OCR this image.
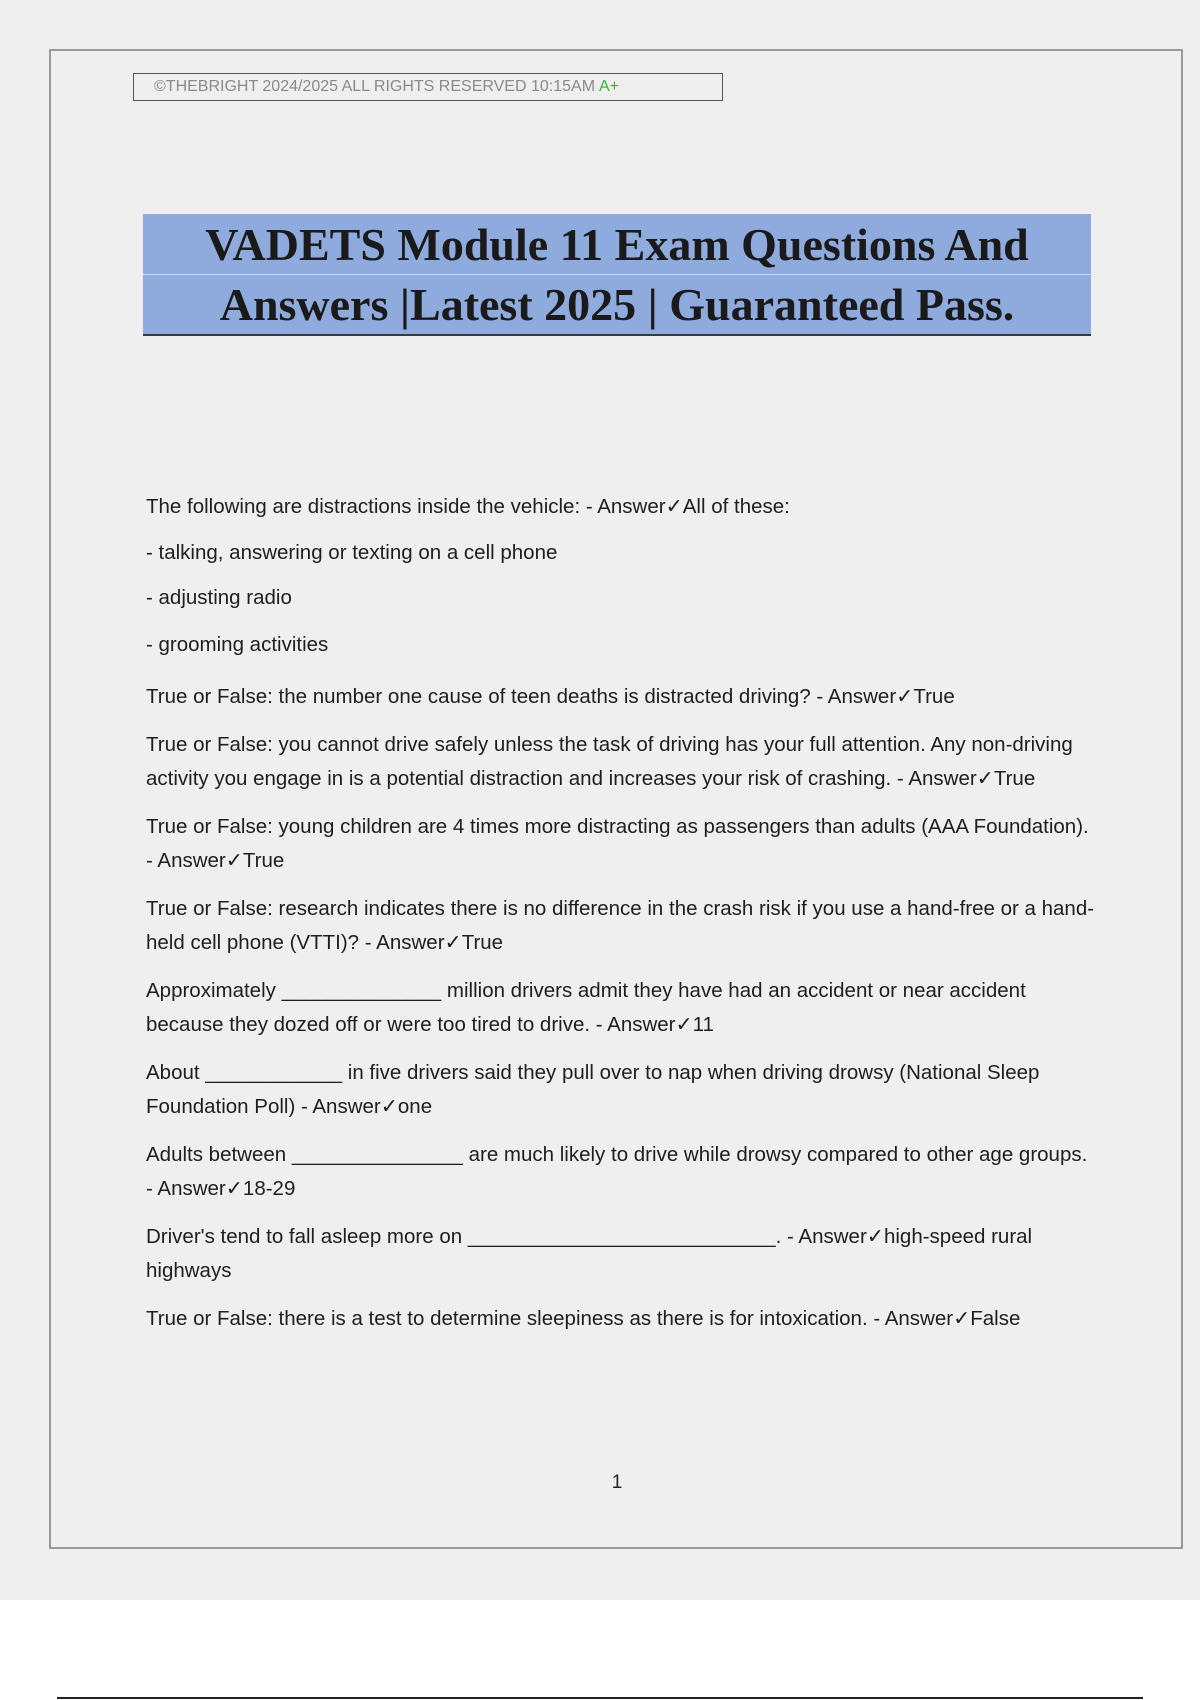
©THEBRIGHT 2024/2025 ALL RIGHTS RESERVED 10:15AM A+
VADETS Module 11 Exam Questions And
Answers |Latest 2025 | Guaranteed Pass.

The following are distractions inside the vehicle: - Answer✓All of these:

- talking, answering or texting on a cell phone

- adjusting radio

- grooming activities

True or False: the number one cause of teen deaths is distracted driving? - Answer✓True

True or False: you cannot drive safely unless the task of driving has your full attention. Any non-driving activity you engage in is a potential distraction and increases your risk of crashing. - Answer✓True

True or False: young children are 4 times more distracting as passengers than adults (AAA Foundation). - Answer✓True

True or False: research indicates there is no difference in the crash risk if you use a hand-free or a hand-held cell phone (VTTI)? - Answer✓True

Approximately ______________ million drivers admit they have had an accident or near accident because they dozed off or were too tired to drive. - Answer✓11

About ____________ in five drivers said they pull over to nap when driving drowsy (National Sleep Foundation Poll) - Answer✓one

Adults between _______________ are much likely to drive while drowsy compared to other age groups. - Answer✓18-29

Driver's tend to fall asleep more on ___________________________. - Answer✓high-speed rural highways

True or False: there is a test to determine sleepiness as there is for intoxication. - Answer✓False

1
